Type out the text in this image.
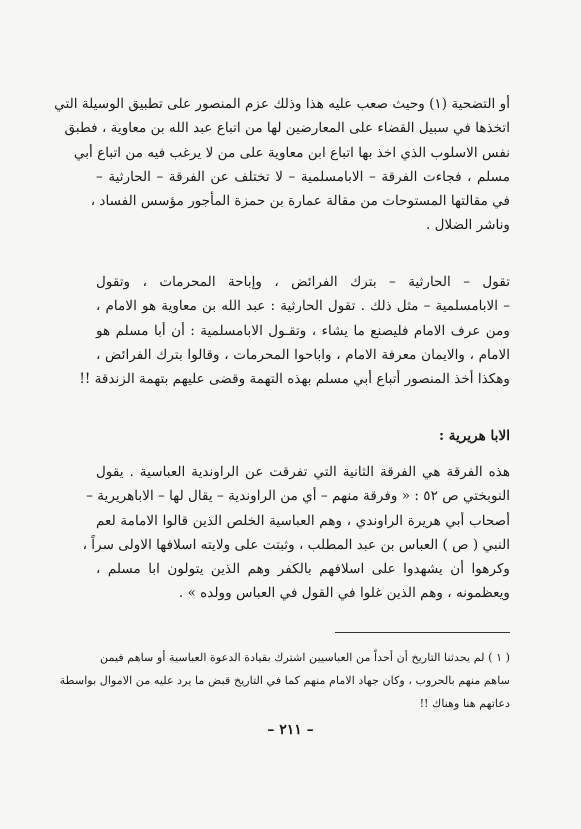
أو التضحية (١) وحيث صعب عليه هذا وذلك عزم المنصور على تطبيق الوسيلة التي
اتخذها في سبيل القضاء على المعارضين لها من اتباع عبد الله بن معاوية ، فطبق
نفس الاسلوب الذي اخذ بها اتباع ابن معاوية على من لا يرغب فيه من اتباع أبي
مسلم ، فجاءت الفرقة – الابامسلمية – لا تختلف عن الفرقة – الحارثية –
في مقالتها المستوحات من مقالة عمارة بن حمزة المأجور مؤسس الفساد ،
وناشر الضلال .
تقول – الحارثية – بترك الفرائض ، وإباحة المحرمات ، وتقول
– الابامسلمية – مثل ذلك . تقول الحارثية : عبد الله بن معاوية هو الامام ،
ومن عرف الامام فليصنع ما يشاء ، وتقـول الابامسلمية : أن أبا مسلم هو
الامام ، والايمان معرفة الامام ، واباحوا المحرمات ، وقالوا بترك الفرائض ،
وهكذا أخذ المنصور أتباع أبي مسلم بهذه التهمة وقضى عليهم بتهمة الزندقة !!
الابا هريرية :
هذه الفرقة هي الفرقة الثانية التي تفرقت عن الراوندية العباسية . يقول
النوبختي ص ٥٢ : « وفرقة منهم – أي من الراوندية – يقال لها – الاباهريرية –
أصحاب أبي هريرة الراوندي ، وهم العباسية الخلص الذين قالوا الامامة لعم
النبي ( ص ) العباس بن عبد المطلب ، وثبتت على ولايته اسلافها الاولى سراً ،
وكرهوا أن يشهدوا على اسلافهم بالكفر وهم الذين يتولون ابا مسلم ،
ويعظمونه ، وهم الذين غلوا في القول في العباس وولده » .
( ١ ) لم يحدثنا التاريخ أن أحداً من العباسيين اشترك بقيادة الدعوة العباسية أو ساهم فيمن
ساهم منهم بالحروب ، وكان جهاد الامام منهم كما في التاريخ قبض ما يرد عليه من الاموال بواسطة
دعاتهم هنا وهناك !!
– ٢١١ –
